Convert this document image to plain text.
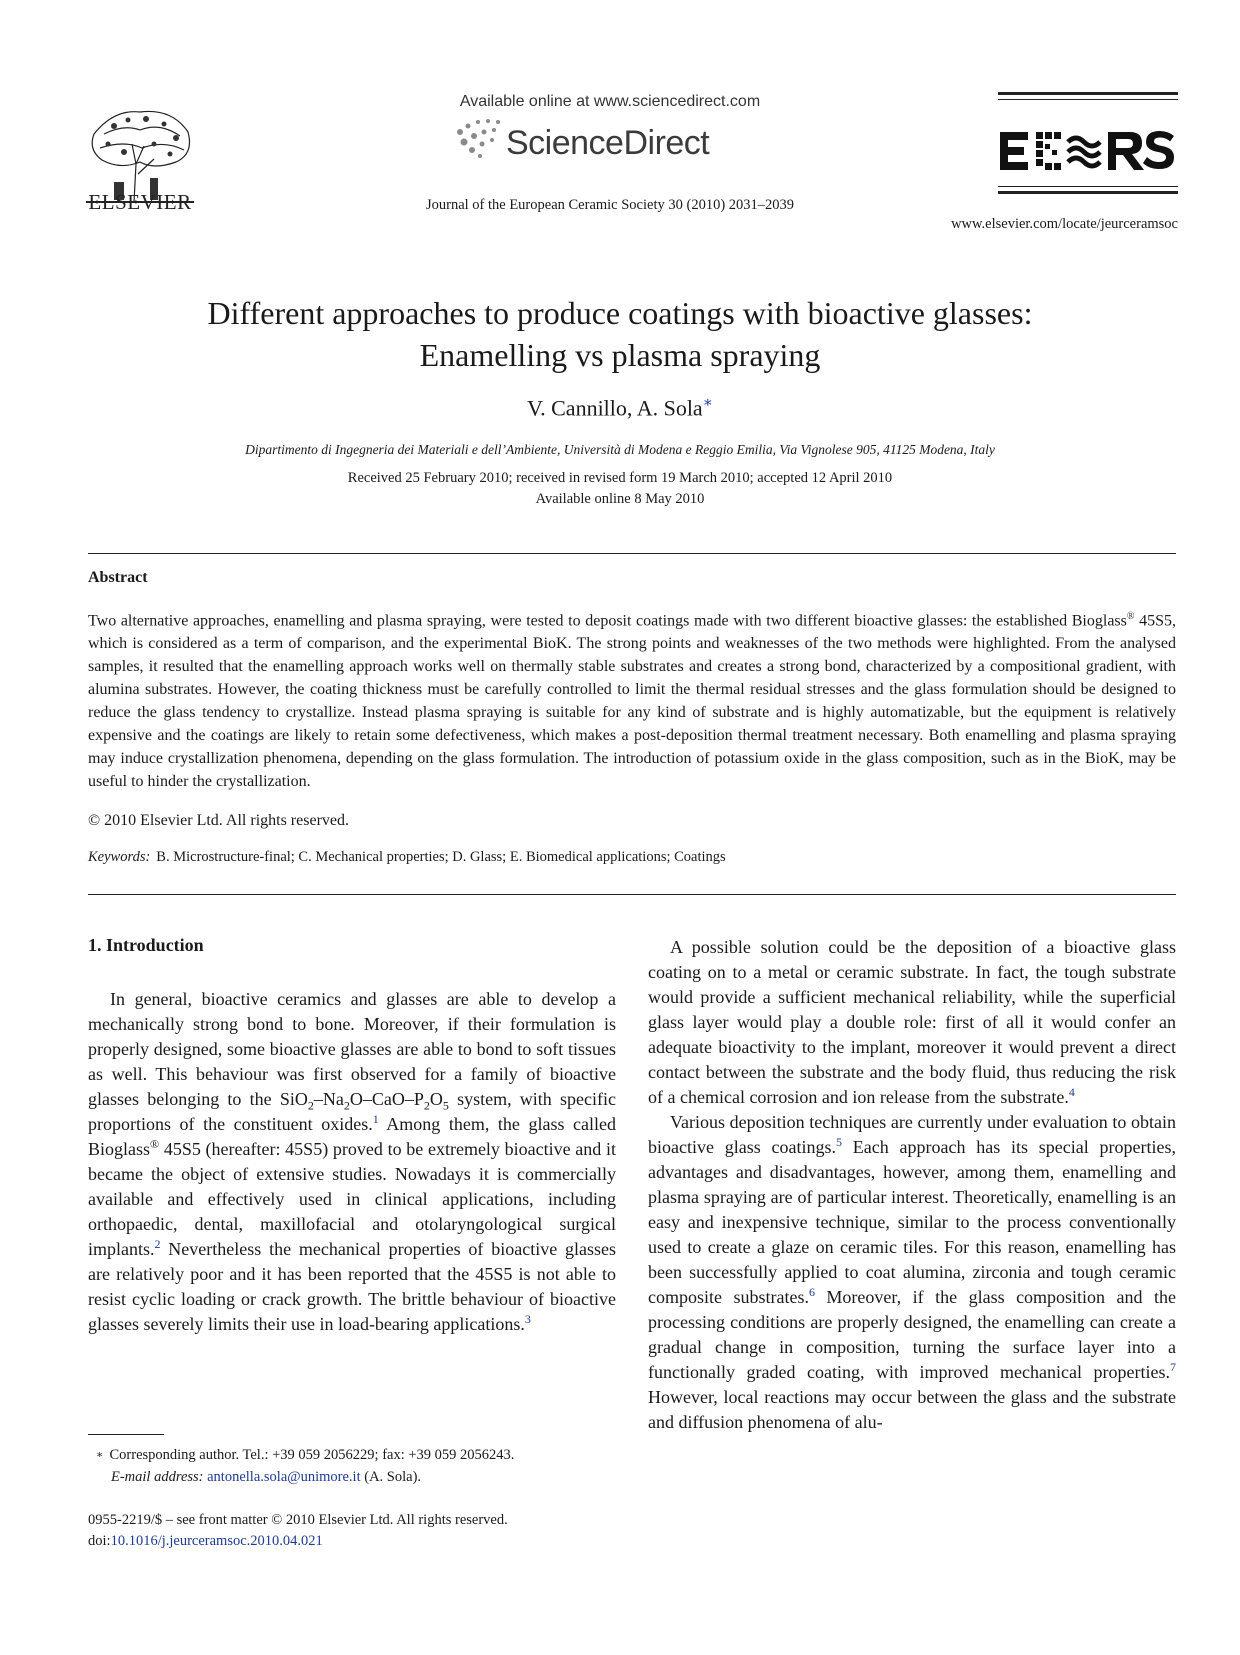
ELSEVIER
Available online at www.sciencedirect.com
ScienceDirect
Journal of the European Ceramic Society 30 (2010) 2031–2039
www.elsevier.com/locate/jeurceramsoc
Different approaches to produce coatings with bioactive glasses:
Enamelling vs plasma spraying
V. Cannillo, A. Sola∗
Dipartimento di Ingegneria dei Materiali e dell’Ambiente, Università di Modena e Reggio Emilia, Via Vignolese 905, 41125 Modena, Italy
Received 25 February 2010; received in revised form 19 March 2010; accepted 12 April 2010
Available online 8 May 2010
Abstract
Two alternative approaches, enamelling and plasma spraying, were tested to deposit coatings made with two different bioactive glasses: the established Bioglass® 45S5, which is considered as a term of comparison, and the experimental BioK. The strong points and weaknesses of the two methods were highlighted. From the analysed samples, it resulted that the enamelling approach works well on thermally stable substrates and creates a strong bond, characterized by a compositional gradient, with alumina substrates. However, the coating thickness must be carefully controlled to limit the thermal residual stresses and the glass formulation should be designed to reduce the glass tendency to crystallize. Instead plasma spraying is suitable for any kind of substrate and is highly automatizable, but the equipment is relatively expensive and the coatings are likely to retain some defectiveness, which makes a post-deposition thermal treatment necessary. Both enamelling and plasma spraying may induce crystallization phenomena, depending on the glass formulation. The introduction of potassium oxide in the glass composition, such as in the BioK, may be useful to hinder the crystallization.
© 2010 Elsevier Ltd. All rights reserved.
Keywords: B. Microstructure-final; C. Mechanical properties; D. Glass; E. Biomedical applications; Coatings
1. Introduction

In general, bioactive ceramics and glasses are able to develop a mechanically strong bond to bone. Moreover, if their formulation is properly designed, some bioactive glasses are able to bond to soft tissues as well. This behaviour was first observed for a family of bioactive glasses belonging to the $SiO_2-Na_2O-CaO-P_2O_5$ system, with specific proportions of the constituent oxides.$^1$ Among them, the glass called Bioglass® 45S5 (hereafter: 45S5) proved to be extremely bioactive and it became the object of extensive studies. Nowadays it is commercially available and effectively used in clinical applications, including orthopaedic, dental, maxillofacial and otolaryngological surgical implants.$^2$ Nevertheless the mechanical properties of bioactive glasses are relatively poor and it has been reported that the 45S5 is not able to resist cyclic loading or crack growth. The brittle behaviour of bioactive glasses severely limits their use in load-bearing applications.$^3$

A possible solution could be the deposition of a bioactive glass coating on to a metal or ceramic substrate. In fact, the tough substrate would provide a sufficient mechanical reliability, while the superficial glass layer would play a double role: first of all it would confer an adequate bioactivity to the implant, moreover it would prevent a direct contact between the substrate and the body fluid, thus reducing the risk of a chemical corrosion and ion release from the substrate.$^4$

Various deposition techniques are currently under evaluation to obtain bioactive glass coatings.$^5$ Each approach has its special properties, advantages and disadvantages, however, among them, enamelling and plasma spraying are of particular interest. Theoretically, enamelling is an easy and inexpensive technique, similar to the process conventionally used to create a glaze on ceramic tiles. For this reason, enamelling has been successfully applied to coat alumina, zirconia and tough ceramic composite substrates.$^6$ Moreover, if the glass composition and the processing conditions are properly designed, the enamelling can create a gradual change in composition, turning the surface layer into a functionally graded coating, with improved mechanical properties.$^7$ However, local reactions may occur between the glass and the substrate and diffusion phenomena of alu-

∗ Corresponding author. Tel.: +39 059 2056229; fax: +39 059 2056243.
E-mail address: antonella.sola@unimore.it (A. Sola).
0955-2219/$ – see front matter © 2010 Elsevier Ltd. All rights reserved.
doi:10.1016/j.jeurceramsoc.2010.04.021
